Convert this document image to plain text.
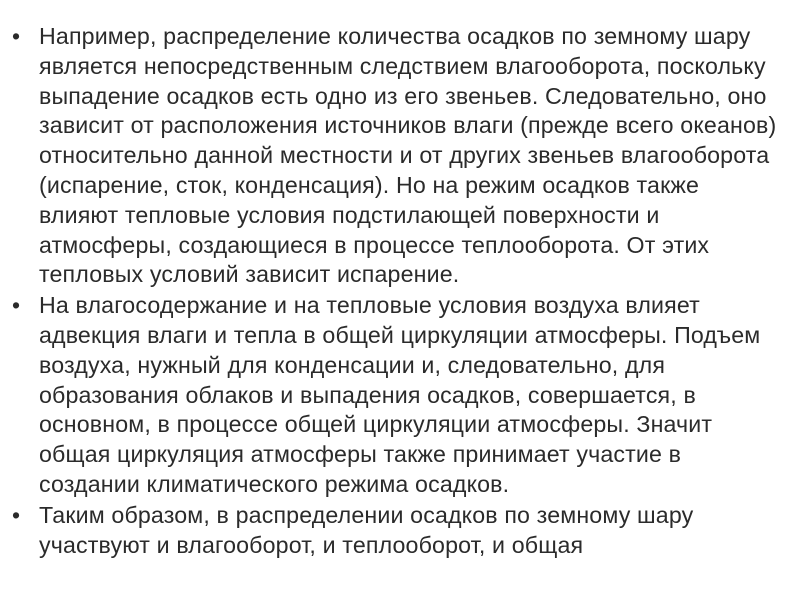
• Например, распределение количества осадков по земному шару является непосредственным следствием влагооборота, поскольку выпадение осадков есть одно из его звеньев. Следовательно, оно зависит от расположения источников влаги (прежде всего океанов) относительно данной местности и от других звеньев влагооборота (испарение, сток, конденсация). Но на режим осадков также влияют тепловые условия подстилающей поверхности и атмосферы, создающиеся в процессе теплооборота. От этих тепловых условий зависит испарение.
• На влагосодержание и на тепловые условия воздуха влияет адвекция влаги и тепла в общей циркуляции атмосферы. Подъем воздуха, нужный для конденсации и, следовательно, для образования облаков и выпадения осадков, совершается, в основном, в процессе общей циркуляции атмосферы. Значит общая циркуляция атмосферы также принимает участие в создании климатического режима осадков.
• Таким образом, в распределении осадков по земному шару участвуют и влагооборот, и теплооборот, и общая
